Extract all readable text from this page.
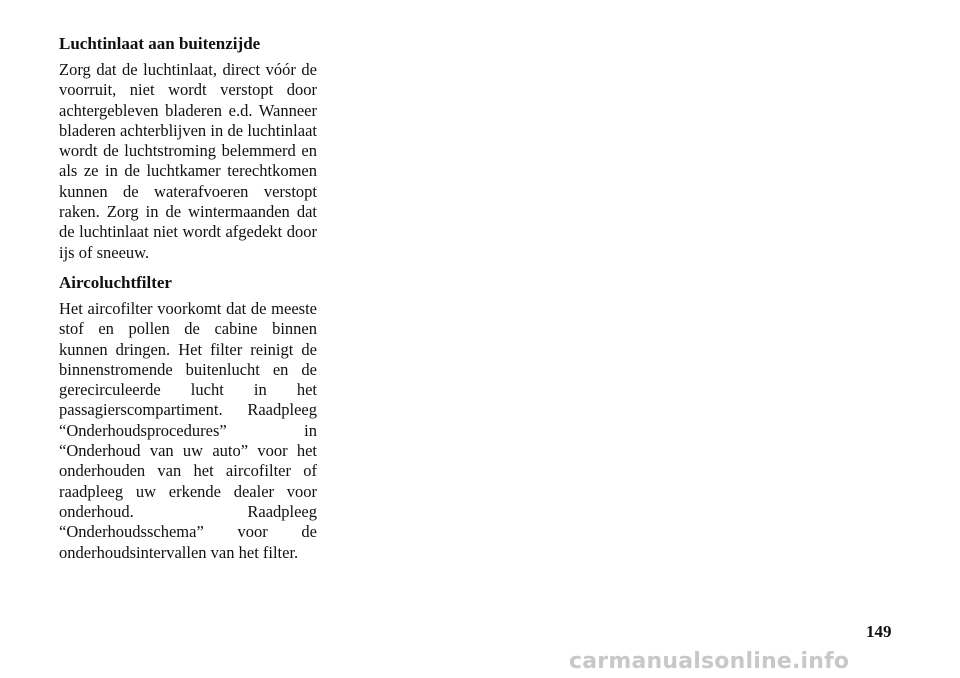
Luchtinlaat aan buitenzijde

Zorg dat de luchtinlaat, direct vóór de voorruit, niet wordt verstopt door achtergebleven bladeren e.d. Wanneer bladeren achterblijven in de luchtinlaat wordt de luchtstroming belemmerd en als ze in de luchtkamer terechtkomen kunnen de waterafvoeren verstopt raken. Zorg in de wintermaanden dat de luchtinlaat niet wordt afgedekt door ijs of sneeuw.

Aircoluchtfilter

Het aircofilter voorkomt dat de meeste stof en pollen de cabine binnen kunnen dringen. Het filter reinigt de binnenstromende buitenlucht en de gerecirculeerde lucht in het passagierscompartiment. Raadpleeg “Onderhoudsprocedures” in “Onderhoud van uw auto” voor het onderhouden van het aircofilter of raadpleeg uw erkende dealer voor onderhoud. Raadpleeg “Onderhoudsschema” voor de onderhoudsintervallen van het filter.

149
carmanualsonline.info
